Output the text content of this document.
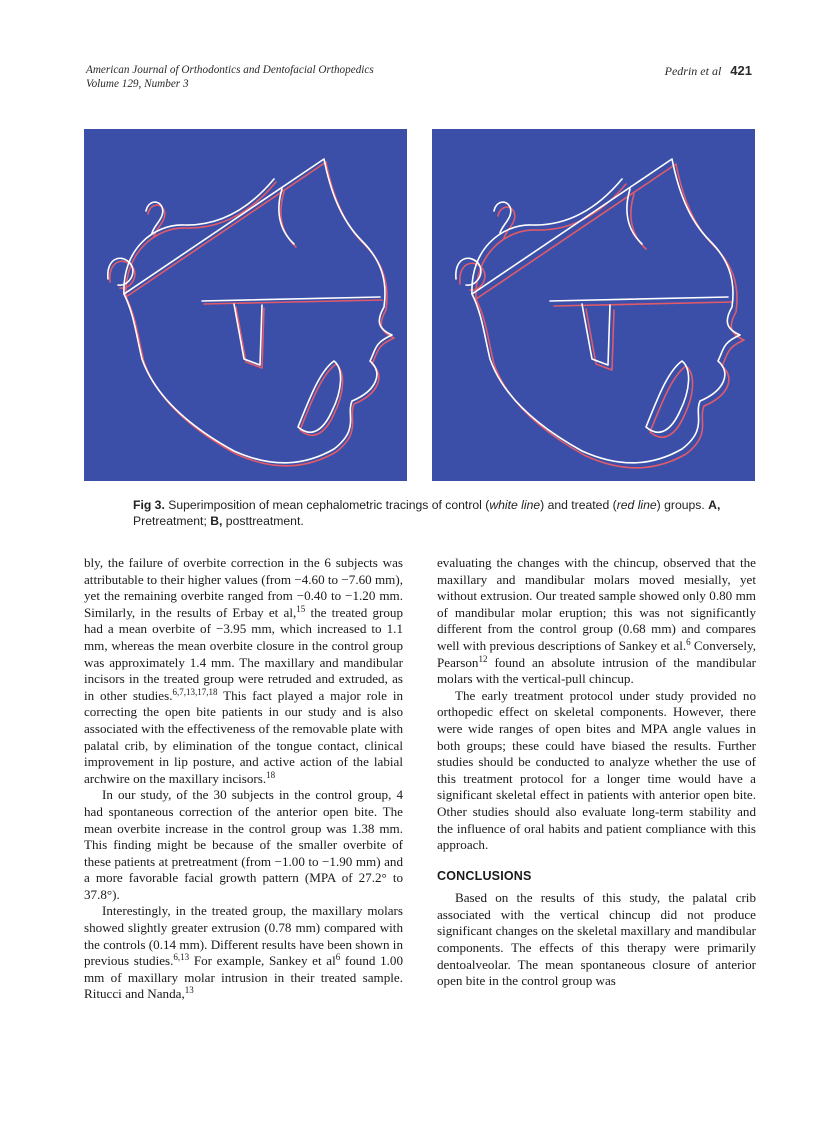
American Journal of Orthodontics and Dentofacial Orthopedics
Volume 129, Number 3
Pedrin et al 421
Fig 3. Superimposition of mean cephalometric tracings of control (white line) and treated (red line) groups. A, Pretreatment; B, posttreatment.

bly, the failure of overbite correction in the 6 subjects was attributable to their higher values (from −4.60 to −7.60 mm), yet the remaining overbite ranged from −0.40 to −1.20 mm. Similarly, in the results of Erbay et al,$^{15}$ the treated group had a mean overbite of −3.95 mm, which increased to 1.1 mm, whereas the mean overbite closure in the control group was approximately 1.4 mm. The maxillary and mandibular incisors in the treated group were retruded and extruded, as in other studies.$^{6,7,13,17,18}$ This fact played a major role in correcting the open bite patients in our study and is also associated with the effectiveness of the removable plate with palatal crib, by elimination of the tongue contact, clinical improvement in lip posture, and active action of the labial archwire on the maxillary incisors.$^{18}$

In our study, of the 30 subjects in the control group, 4 had spontaneous correction of the anterior open bite. The mean overbite increase in the control group was 1.38 mm. This finding might be because of the smaller overbite of these patients at pretreatment (from −1.00 to −1.90 mm) and a more favorable facial growth pattern (MPA of 27.2° to 37.8°).

Interestingly, in the treated group, the maxillary molars showed slightly greater extrusion (0.78 mm) compared with the controls (0.14 mm). Different results have been shown in previous studies.$^{6,13}$ For example, Sankey et $al^6$ found 1.00 mm of maxillary molar intrusion in their treated sample. Ritucci and Nanda,$^{13}$

evaluating the changes with the chincup, observed that the maxillary and mandibular molars moved mesially, yet without extrusion. Our treated sample showed only 0.80 mm of mandibular molar eruption; this was not significantly different from the control group (0.68 mm) and compares well with previous descriptions of Sankey et al.$^6$ Conversely, Pearson$^{12}$ found an absolute intrusion of the mandibular molars with the vertical-pull chincup.

The early treatment protocol under study provided no orthopedic effect on skeletal components. However, there were wide ranges of open bites and MPA angle values in both groups; these could have biased the results. Further studies should be conducted to analyze whether the use of this treatment protocol for a longer time would have a significant skeletal effect in patients with anterior open bite. Other studies should also evaluate long-term stability and the influence of oral habits and patient compliance with this approach.

CONCLUSIONS

Based on the results of this study, the palatal crib associated with the vertical chincup did not produce significant changes on the skeletal maxillary and mandibular components. The effects of this therapy were primarily dentoalveolar. The mean spontaneous closure of anterior open bite in the control group was
